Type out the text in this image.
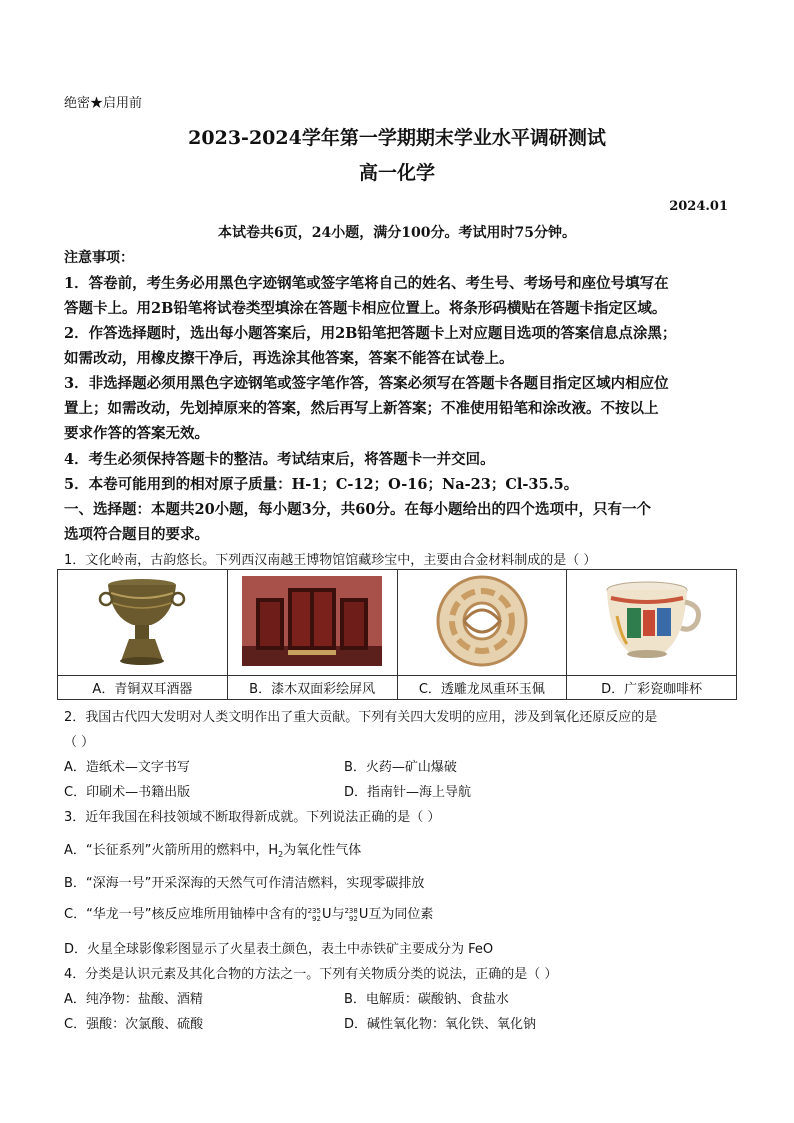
绝密★启用前
2023-2024学年第一学期期末学业水平调研测试
高一化学
2024.01
本试卷共6页，24小题，满分100分。考试用时75分钟。
注意事项：
1．答卷前，考生务必用黑色字迹钢笔或签字笔将自己的姓名、考生号、考场号和座位号填写在
答题卡上。用2B铅笔将试卷类型填涂在答题卡相应位置上。将条形码横贴在答题卡指定区域。
2．作答选择题时，选出每小题答案后，用2B铅笔把答题卡上对应题目选项的答案信息点涂黑；
如需改动，用橡皮擦干净后，再选涂其他答案，答案不能答在试卷上。
3．非选择题必须用黑色字迹钢笔或签字笔作答，答案必须写在答题卡各题目指定区域内相应位
置上；如需改动，先划掉原来的答案，然后再写上新答案；不准使用铅笔和涂改液。不按以上
要求作答的答案无效。
4．考生必须保持答题卡的整洁。考试结束后，将答题卡一并交回。
5．本卷可能用到的相对原子质量：H-1；C-12；O-16；Na-23；Cl-35.5。
一、选择题：本题共20小题，每小题3分，共60分。在每小题给出的四个选项中，只有一个
选项符合题目的要求。
1．文化岭南，古韵悠长。下列西汉南越王博物馆馆藏珍宝中，主要由合金材料制成的是（ ）

A．青铜双耳酒器	B．漆木双面彩绘屏风	C．透雕龙凤重环玉佩	D．广彩瓷咖啡杯
2．我国古代四大发明对人类文明作出了重大贡献。下列有关四大发明的应用，涉及到氧化还原反应的是
（ ）
A．造纸术—文字书写	B．火药—矿山爆破
C．印刷术—书籍出版	D．指南针—海上导航
3．近年我国在科技领域不断取得新成就。下列说法正确的是（ ）
A．“长征系列”火箭所用的燃料中，$H_2$为氧化性气体
B．“深海一号”开采深海的天然气可作清洁燃料，实现零碳排放
C．“华龙一号”核反应堆所用铀棒中含有的 235
92 U与 238
92 U互为同位素
D．火星全球影像彩图显示了火星表土颜色，表土中赤铁矿主要成分为 FeO
4．分类是认识元素及其化合物的方法之一。下列有关物质分类的说法，正确的是（ ）
A．纯净物：盐酸、酒精	B．电解质：碳酸钠、食盐水
C．强酸：次氯酸、硫酸	D．碱性氧化物：氧化铁、氧化钠
